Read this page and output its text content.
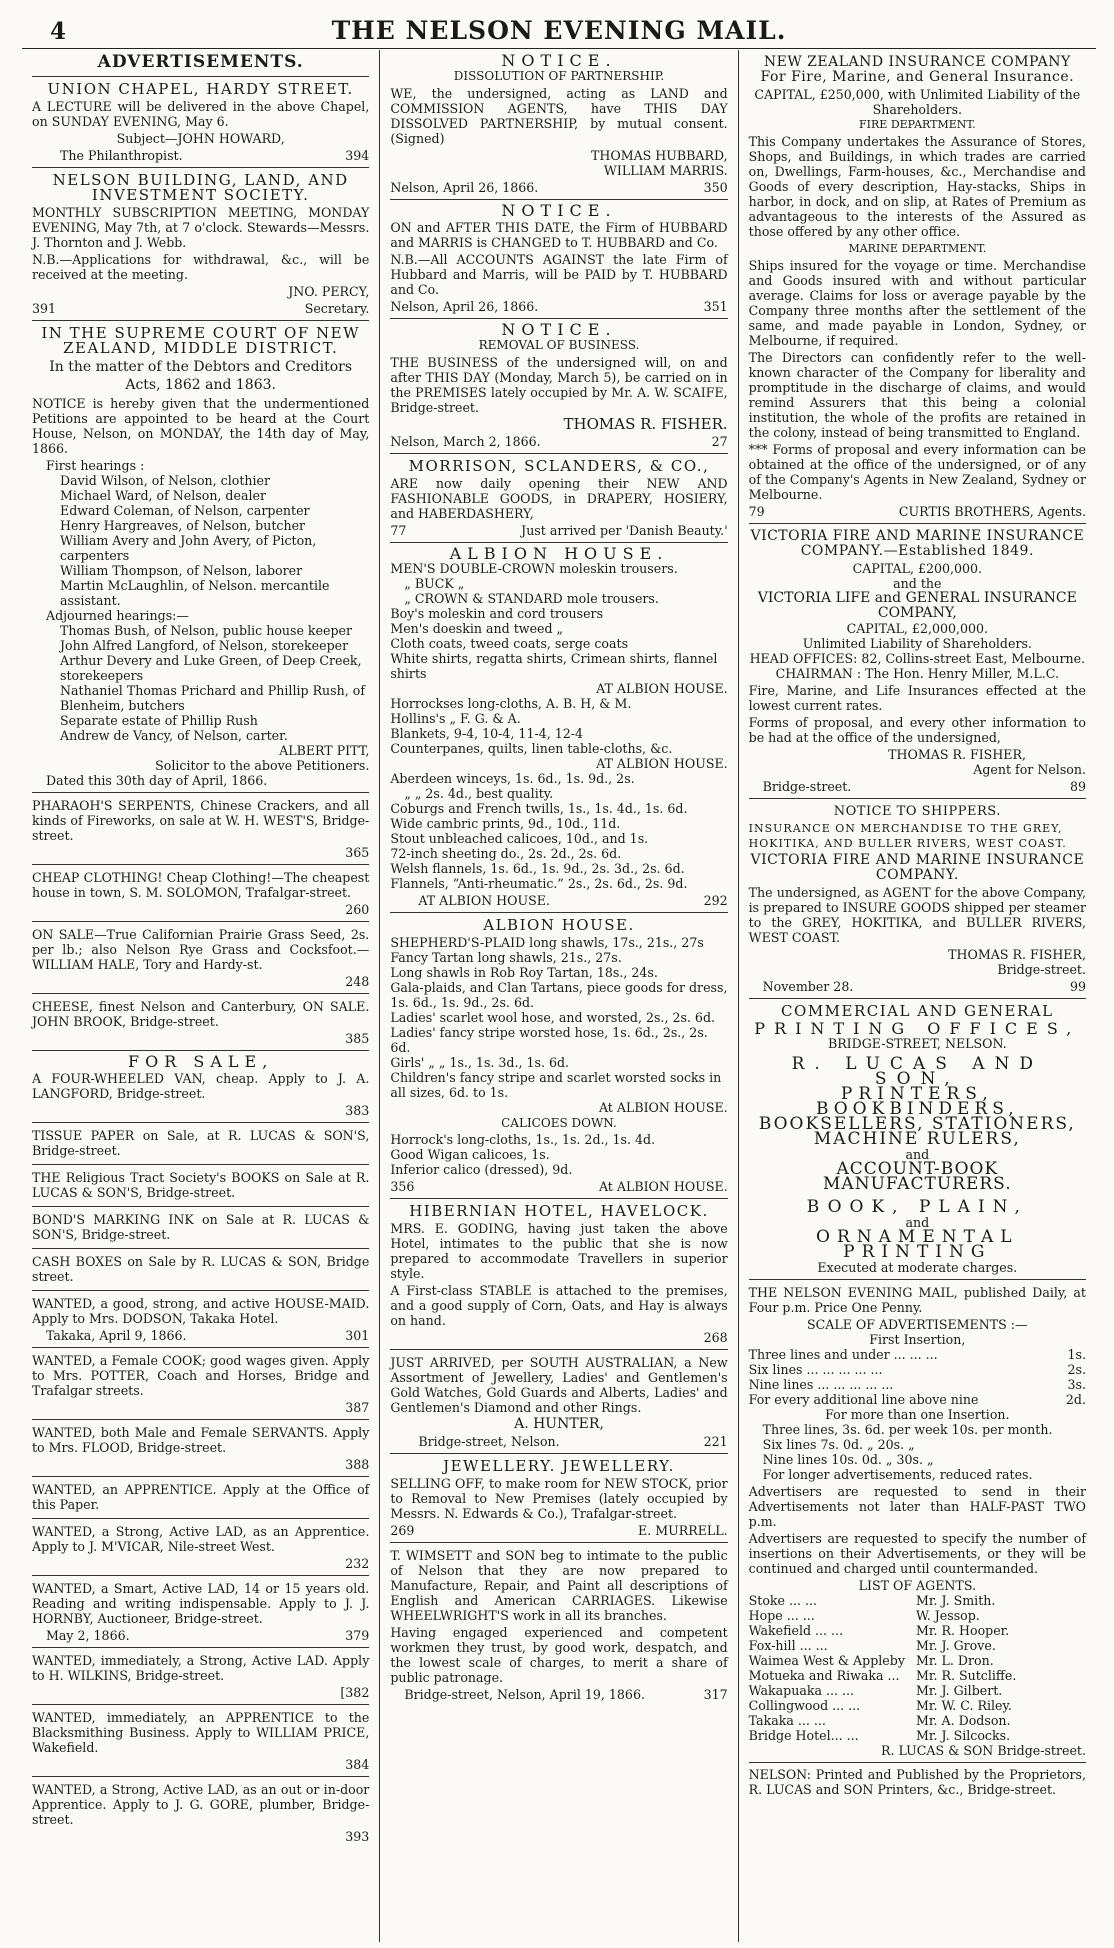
4	THE NELSON EVENING MAIL.
ADVERTISEMENTS.
UNION CHAPEL, HARDY STREET.
A LECTURE will be delivered in the above Chapel, on SUNDAY EVENING, May 6.
Subject—JOHN HOWARD,
The Philanthropist.	394
NELSON BUILDING, LAND, AND INVESTMENT SOCIETY.
MONTHLY SUBSCRIPTION MEETING, MONDAY EVENING, May 7th, at 7 o'clock. Stewards—Messrs. J. Thornton and J. Webb.
N.B.—Applications for withdrawal, &c., will be received at the meeting.
JNO. PERCY,
391	Secretary.
IN THE SUPREME COURT OF NEW ZEALAND, MIDDLE DISTRICT.
In the matter of the Debtors and Creditors Acts, 1862 and 1863.
NOTICE is hereby given that the undermentioned Petitions are appointed to be heard at the Court House, Nelson, on MONDAY, the 14th day of May, 1866.
First hearings :
David Wilson, of Nelson, clothier
Michael Ward, of Nelson, dealer
Edward Coleman, of Nelson, carpenter
Henry Hargreaves, of Nelson, butcher
William Avery and John Avery, of Picton, carpenters
William Thompson, of Nelson, laborer
Martin McLaughlin, of Nelson. mercantile assistant.
Adjourned hearings:—
Thomas Bush, of Nelson, public house keeper
John Alfred Langford, of Nelson, storekeeper
Arthur Devery and Luke Green, of Deep Creek, storekeepers
Nathaniel Thomas Prichard and Phillip Rush, of Blenheim, butchers
Separate estate of Phillip Rush
Andrew de Vancy, of Nelson, carter.
ALBERT PITT,
Solicitor to the above Petitioners.
Dated this 30th day of April, 1866.
PHARAOH'S SERPENTS, Chinese Crackers, and all kinds of Fireworks, on sale at W. H. WEST'S, Bridge-street.
365
CHEAP CLOTHING! Cheap Clothing!—The cheapest house in town, S. M. SOLOMON, Trafalgar-street.
260
ON SALE—True Californian Prairie Grass Seed, 2s. per lb.; also Nelson Rye Grass and Cocksfoot.—WILLIAM HALE, Tory and Hardy-st.
248
CHEESE, finest Nelson and Canterbury, ON SALE. JOHN BROOK, Bridge-street.
385
FOR SALE,
A FOUR-WHEELED VAN, cheap. Apply to J. A. LANGFORD, Bridge-street.
383
TISSUE PAPER on Sale, at R. LUCAS & SON'S, Bridge-street.
THE Religious Tract Society's BOOKS on Sale at R. LUCAS & SON'S, Bridge-street.
BOND'S MARKING INK on Sale at R. LUCAS & SON'S, Bridge-street.
CASH BOXES on Sale by R. LUCAS & SON, Bridge street.
WANTED, a good, strong, and active HOUSE-MAID. Apply to Mrs. DODSON, Takaka Hotel.
Takaka, April 9, 1866.	301
WANTED, a Female COOK; good wages given. Apply to Mrs. POTTER, Coach and Horses, Bridge and Trafalgar streets.
387
WANTED, both Male and Female SERVANTS. Apply to Mrs. FLOOD, Bridge-street.
388
WANTED, an APPRENTICE. Apply at the Office of this Paper.
WANTED, a Strong, Active LAD, as an Apprentice. Apply to J. M'VICAR, Nile-street West.
232
WANTED, a Smart, Active LAD, 14 or 15 years old. Reading and writing indispensable. Apply to J. J. HORNBY, Auctioneer, Bridge-street.
May 2, 1866.	379
WANTED, immediately, a Strong, Active LAD. Apply to H. WILKINS, Bridge-street.
[382
WANTED, immediately, an APPRENTICE to the Blacksmithing Business. Apply to WILLIAM PRICE, Wakefield.
384
WANTED, a Strong, Active LAD, as an out or in-door Apprentice. Apply to J. G. GORE, plumber, Bridge-street.
393
NOTICE.
DISSOLUTION OF PARTNERSHIP.
WE, the undersigned, acting as LAND and COMMISSION AGENTS, have THIS DAY DISSOLVED PARTNERSHIP, by mutual consent. (Signed)
THOMAS HUBBARD,
WILLIAM MARRIS.
Nelson, April 26, 1866.	350
NOTICE.
ON and AFTER THIS DATE, the Firm of HUBBARD and MARRIS is CHANGED to T. HUBBARD and Co.
N.B.—All ACCOUNTS AGAINST the late Firm of Hubbard and Marris, will be PAID by T. HUBBARD and Co.
Nelson, April 26, 1866.	351
NOTICE.
REMOVAL OF BUSINESS.
THE BUSINESS of the undersigned will, on and after THIS DAY (Monday, March 5), be carried on in the PREMISES lately occupied by Mr. A. W. SCAIFE, Bridge-street.
THOMAS R. FISHER.
Nelson, March 2, 1866.	27
MORRISON, SCLANDERS, & CO.,
ARE now daily opening their NEW AND FASHIONABLE GOODS, in DRAPERY, HOSIERY, and HABERDASHERY,
77	Just arrived per 'Danish Beauty.'
ALBION HOUSE.
MEN'S DOUBLE-CROWN moleskin trousers.
„ BUCK „
„ CROWN & STANDARD mole trousers.
Boy's moleskin and cord trousers
Men's doeskin and tweed „
Cloth coats, tweed coats, serge coats
White shirts, regatta shirts, Crimean shirts, flannel shirts
AT ALBION HOUSE.
Horrockses long-cloths, A. B. H, & M.
Hollins's „ F. G. & A.
Blankets, 9-4, 10-4, 11-4, 12-4
Counterpanes, quilts, linen table-cloths, &c.
AT ALBION HOUSE.
Aberdeen winceys, 1s. 6d., 1s. 9d., 2s.
„ „ 2s. 4d., best quality.
Coburgs and French twills, 1s., 1s. 4d., 1s. 6d.
Wide cambric prints, 9d., 10d., 11d.
Stout unbleached calicoes, 10d., and 1s.
72-inch sheeting do., 2s. 2d., 2s. 6d.
Welsh flannels, 1s. 6d., 1s. 9d., 2s. 3d., 2s. 6d.
Flannels, “Anti-rheumatic.” 2s., 2s. 6d., 2s. 9d.
AT ALBION HOUSE.	292
ALBION HOUSE.
SHEPHERD'S-PLAID long shawls, 17s., 21s., 27s Fancy Tartan long shawls, 21s., 27s.
Long shawls in Rob Roy Tartan, 18s., 24s.
Gala-plaids, and Clan Tartans, piece goods for dress, 1s. 6d., 1s. 9d., 2s. 6d.
Ladies' scarlet wool hose, and worsted, 2s., 2s. 6d.
Ladies' fancy stripe worsted hose, 1s. 6d., 2s., 2s. 6d.
Girls' „ „ 1s., 1s. 3d., 1s. 6d.
Children's fancy stripe and scarlet worsted socks in all sizes, 6d. to 1s.
At ALBION HOUSE.
CALICOES DOWN.
Horrock's long-cloths, 1s., 1s. 2d., 1s. 4d.
Good Wigan calicoes, 1s.
Inferior calico (dressed), 9d.
356	At ALBION HOUSE.
HIBERNIAN HOTEL, HAVELOCK.
MRS. E. GODING, having just taken the above Hotel, intimates to the public that she is now prepared to accommodate Travellers in superior style.
A First-class STABLE is attached to the premises, and a good supply of Corn, Oats, and Hay is always on hand.
268
JUST ARRIVED, per SOUTH AUSTRALIAN, a New Assortment of Jewellery, Ladies' and Gentlemen's Gold Watches, Gold Guards and Alberts, Ladies' and Gentlemen's Diamond and other Rings.
A. HUNTER,
Bridge-street, Nelson.	221
JEWELLERY. JEWELLERY.
SELLING OFF, to make room for NEW STOCK, prior to Removal to New Premises (lately occupied by Messrs. N. Edwards & Co.), Trafalgar-street.
269	E. MURRELL.
T. WIMSETT and SON beg to intimate to the public of Nelson that they are now prepared to Manufacture, Repair, and Paint all descriptions of English and American CARRIAGES. Likewise WHEELWRIGHT'S work in all its branches.
Having engaged experienced and competent workmen they trust, by good work, despatch, and the lowest scale of charges, to merit a share of public patronage.
Bridge-street, Nelson, April 19, 1866.	317
NEW ZEALAND INSURANCE COMPANY For Fire, Marine, and General Insurance.
CAPITAL, £250,000, with Unlimited Liability of the Shareholders.
FIRE DEPARTMENT.
This Company undertakes the Assurance of Stores, Shops, and Buildings, in which trades are carried on, Dwellings, Farm-houses, &c., Merchandise and Goods of every description, Hay-stacks, Ships in harbor, in dock, and on slip, at Rates of Premium as advantageous to the interests of the Assured as those offered by any other office.
MARINE DEPARTMENT.
Ships insured for the voyage or time. Merchandise and Goods insured with and without particular average. Claims for loss or average payable by the Company three months after the settlement of the same, and made payable in London, Sydney, or Melbourne, if required.
The Directors can confidently refer to the well-known character of the Company for liberality and promptitude in the discharge of claims, and would remind Assurers that this being a colonial institution, the whole of the profits are retained in the colony, instead of being transmitted to England.
*** Forms of proposal and every information can be obtained at the office of the undersigned, or of any of the Company's Agents in New Zealand, Sydney or Melbourne.
79	CURTIS BROTHERS, Agents.
VICTORIA FIRE AND MARINE INSURANCE COMPANY.—Established 1849.
CAPITAL, £200,000.
and the
VICTORIA LIFE and GENERAL INSURANCE COMPANY,
CAPITAL, £2,000,000.
Unlimited Liability of Shareholders.
HEAD OFFICES: 82, Collins-street East, Melbourne.
CHAIRMAN : The Hon. Henry Miller, M.L.C.
Fire, Marine, and Life Insurances effected at the lowest current rates.
Forms of proposal, and every other information to be had at the office of the undersigned,
THOMAS R. FISHER,
Agent for Nelson.
Bridge-street.	89
NOTICE TO SHIPPERS.
INSURANCE ON MERCHANDISE TO THE GREY, HOKITIKA, AND BULLER RIVERS, WEST COAST.
VICTORIA FIRE AND MARINE INSURANCE COMPANY.
The undersigned, as AGENT for the above Company, is prepared to INSURE GOODS shipped per steamer to the GREY, HOKITIKA, and BULLER RIVERS, WEST COAST.
THOMAS R. FISHER,
Bridge-street.
November 28.	99
COMMERCIAL AND GENERAL
PRINTING OFFICES,
BRIDGE-STREET, NELSON.
R. LUCAS AND SON,
PRINTERS,
BOOKBINDERS,
BOOKSELLERS, STATIONERS,
MACHINE RULERS,
and
ACCOUNT-BOOK MANUFACTURERS.
BOOK, PLAIN,
and
ORNAMENTAL PRINTING
Executed at moderate charges.
THE NELSON EVENING MAIL, published Daily, at Four p.m. Price One Penny.
SCALE OF ADVERTISEMENTS :—
First Insertion,
Three lines and under ... ... ...	1s.
Six lines ... ... ... ... ...	2s.
Nine lines ... ... ... ... ...	3s.
For every additional line above nine	2d.
For more than one Insertion.
Three lines, 3s. 6d. per week 10s. per month.
Six lines 7s. 0d. „ 20s. „
Nine lines 10s. 0d. „ 30s. „
For longer advertisements, reduced rates.
Advertisers are requested to send in their Advertisements not later than HALF-PAST TWO p.m.
Advertisers are requested to specify the number of insertions on their Advertisements, or they will be continued and charged until countermanded.
LIST OF AGENTS.
Stoke ... ...	Mr. J. Smith.
Hope ... ...	W. Jessop.
Wakefield ... ...	Mr. R. Hooper.
Fox-hill ... ...	Mr. J. Grove.
Waimea West & Appleby Mr. L. Dron.
Motueka and Riwaka ... Mr. R. Sutcliffe.
Wakapuaka ... ...	Mr. J. Gilbert.
Collingwood ... ...	Mr. W. C. Riley.
Takaka ... ...	Mr. A. Dodson.
Bridge Hotel... ...	Mr. J. Silcocks.
R. LUCAS & SON Bridge-street.
NELSON: Printed and Published by the Proprietors, R. LUCAS and SON Printers, &c., Bridge-street.
